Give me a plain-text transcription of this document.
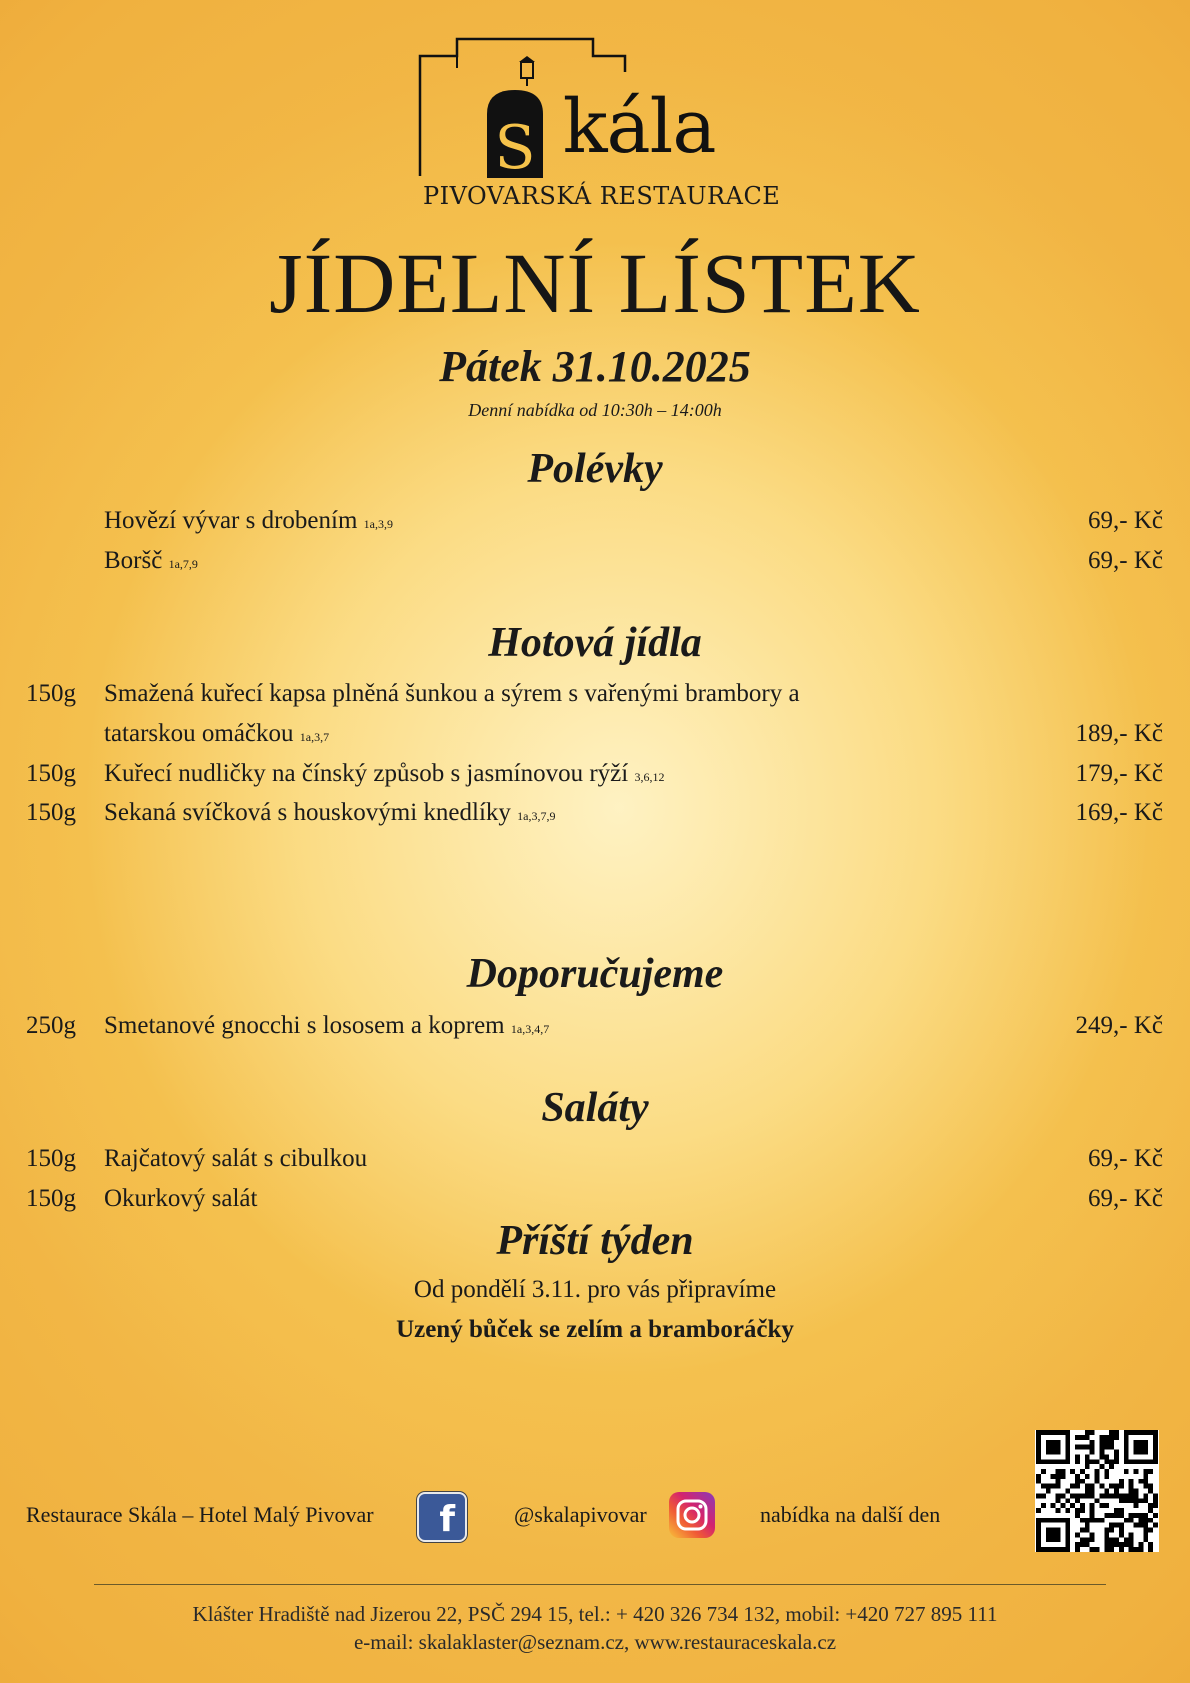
S kála
PIVOVARSKÁ RESTAURACE
JÍDELNÍ LÍSTEK
Pátek 31.10.2025
Denní nabídka od 10:30h – 14:00h
Polévky
Hovězí vývar s drobením 1a,3,9	69,- Kč
Boršč 1a,7,9	69,- Kč
Hotová jídla
150g Smažená kuřecí kapsa plněná šunkou a sýrem s vařenými brambory a
tatarskou omáčkou 1a,3,7	189,- Kč
150g Kuřecí nudličky na čínský způsob s jasmínovou rýží 3,6,12	179,- Kč
150g Sekaná svíčková s houskovými knedlíky 1a,3,7,9	169,- Kč
Doporučujeme
250g Smetanové gnocchi s lososem a koprem 1a,3,4,7	249,- Kč
Saláty
150g Rajčatový salát s cibulkou	69,- Kč
150g Okurkový salát	69,- Kč
Příští týden
Od pondělí 3.11. pro vás připravíme
Uzený bůček se zelím a bramboráčky
Restaurace Skála – Hotel Malý Pivovar f	@skalapivovar	nabídka na další den
Klášter Hradiště nad Jizerou 22, PSČ 294 15, tel.: + 420 326 734 132, mobil: +420 727 895 111
e-mail: skalaklaster@seznam.cz, www.restauraceskala.cz
